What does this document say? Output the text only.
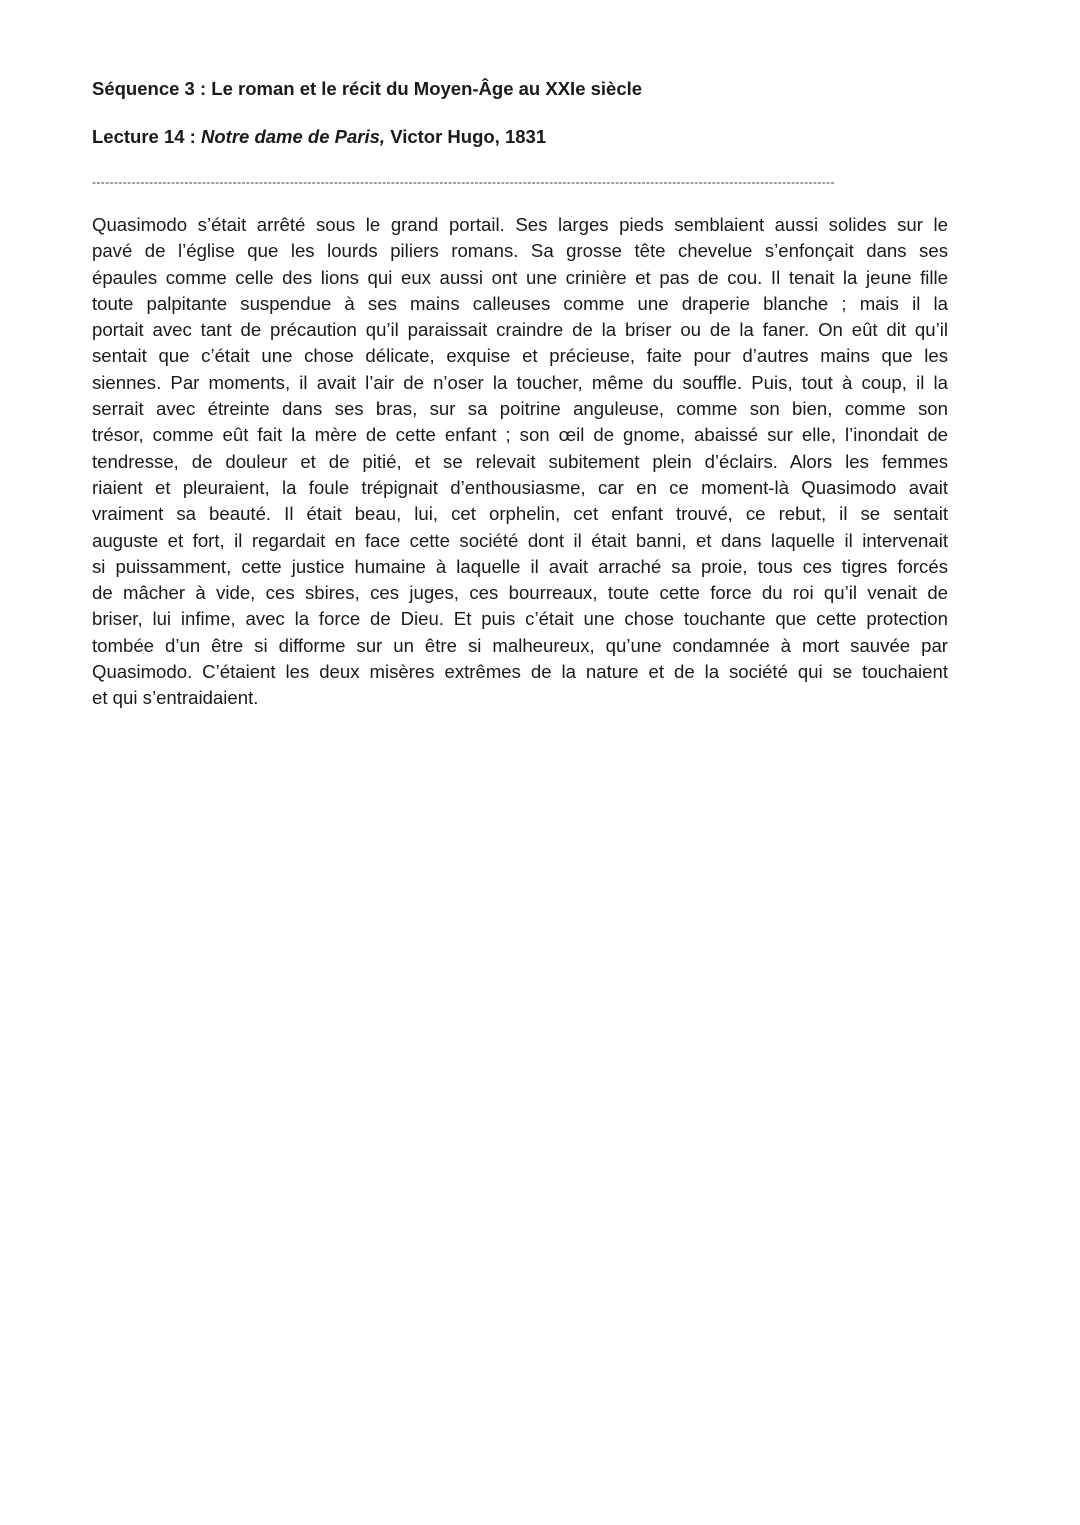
Séquence 3 : Le roman et le récit du Moyen-Âge au XXIe siècle

Lecture 14 : Notre dame de Paris, Victor Hugo, 1831

-------------------------------------------------------------------------------------------------------------------------------------------------------------------------
Quasimodo s’était arrêté sous le grand portail. Ses larges pieds semblaient aussi solides sur le
pavé de l’église que les lourds piliers romans. Sa grosse tête chevelue s’enfonçait dans ses
épaules comme celle des lions qui eux aussi ont une crinière et pas de cou. Il tenait la jeune fille
toute palpitante suspendue à ses mains calleuses comme une draperie blanche ; mais il la
portait avec tant de précaution qu’il paraissait craindre de la briser ou de la faner. On eût dit qu’il
sentait que c’était une chose délicate, exquise et précieuse, faite pour d’autres mains que les
siennes. Par moments, il avait l’air de n’oser la toucher, même du souffle. Puis, tout à coup, il la
serrait avec étreinte dans ses bras, sur sa poitrine anguleuse, comme son bien, comme son
trésor, comme eût fait la mère de cette enfant ; son œil de gnome, abaissé sur elle, l’inondait de
tendresse, de douleur et de pitié, et se relevait subitement plein d’éclairs. Alors les femmes
riaient et pleuraient, la foule trépignait d’enthousiasme, car en ce moment-là Quasimodo avait
vraiment sa beauté. Il était beau, lui, cet orphelin, cet enfant trouvé, ce rebut, il se sentait
auguste et fort, il regardait en face cette société dont il était banni, et dans laquelle il intervenait
si puissamment, cette justice humaine à laquelle il avait arraché sa proie, tous ces tigres forcés
de mâcher à vide, ces sbires, ces juges, ces bourreaux, toute cette force du roi qu’il venait de
briser, lui infime, avec la force de Dieu. Et puis c’était une chose touchante que cette protection
tombée d’un être si difforme sur un être si malheureux, qu’une condamnée à mort sauvée par
Quasimodo. C’étaient les deux misères extrêmes de la nature et de la société qui se touchaient
et qui s’entraidaient.
